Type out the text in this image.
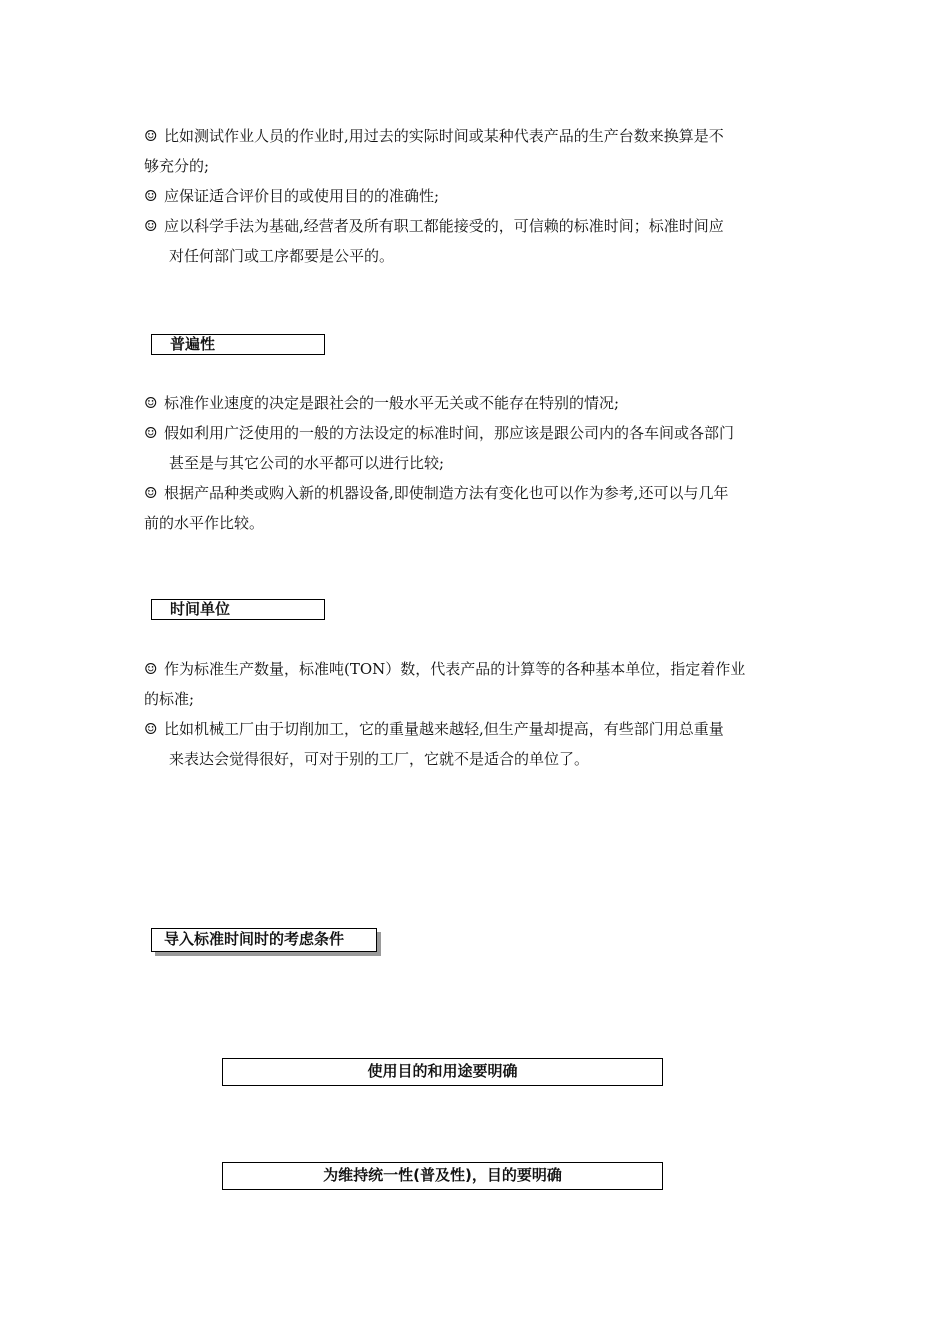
☺ 比如测试作业人员的作业时,用过去的实际时间或某种代表产品的生产台数来换算是不
够充分的;
☺ 应保证适合评价目的或使用目的的准确性;
☺ 应以科学手法为基础,经营者及所有职工都能接受的，可信赖的标准时间；标准时间应
对任何部门或工序都要是公平的。
普遍性
☺ 标准作业速度的决定是跟社会的一般水平无关或不能存在特别的情况;
☺ 假如利用广泛使用的一般的方法设定的标准时间，那应该是跟公司内的各车间或各部门
甚至是与其它公司的水平都可以进行比较;
☺ 根据产品种类或购入新的机器设备,即使制造方法有变化也可以作为参考,还可以与几年
前的水平作比较。
时间单位
☺ 作为标准生产数量，标准吨(TON）数，代表产品的计算等的各种基本单位，指定着作业
的标准;
☺ 比如机械工厂由于切削加工，它的重量越来越轻,但生产量却提高，有些部门用总重量
来表达会觉得很好，可对于别的工厂，它就不是适合的单位了。
导入标准时间时的考虑条件
使用目的和用途要明确
为维持统一性(普及性)，目的要明确
